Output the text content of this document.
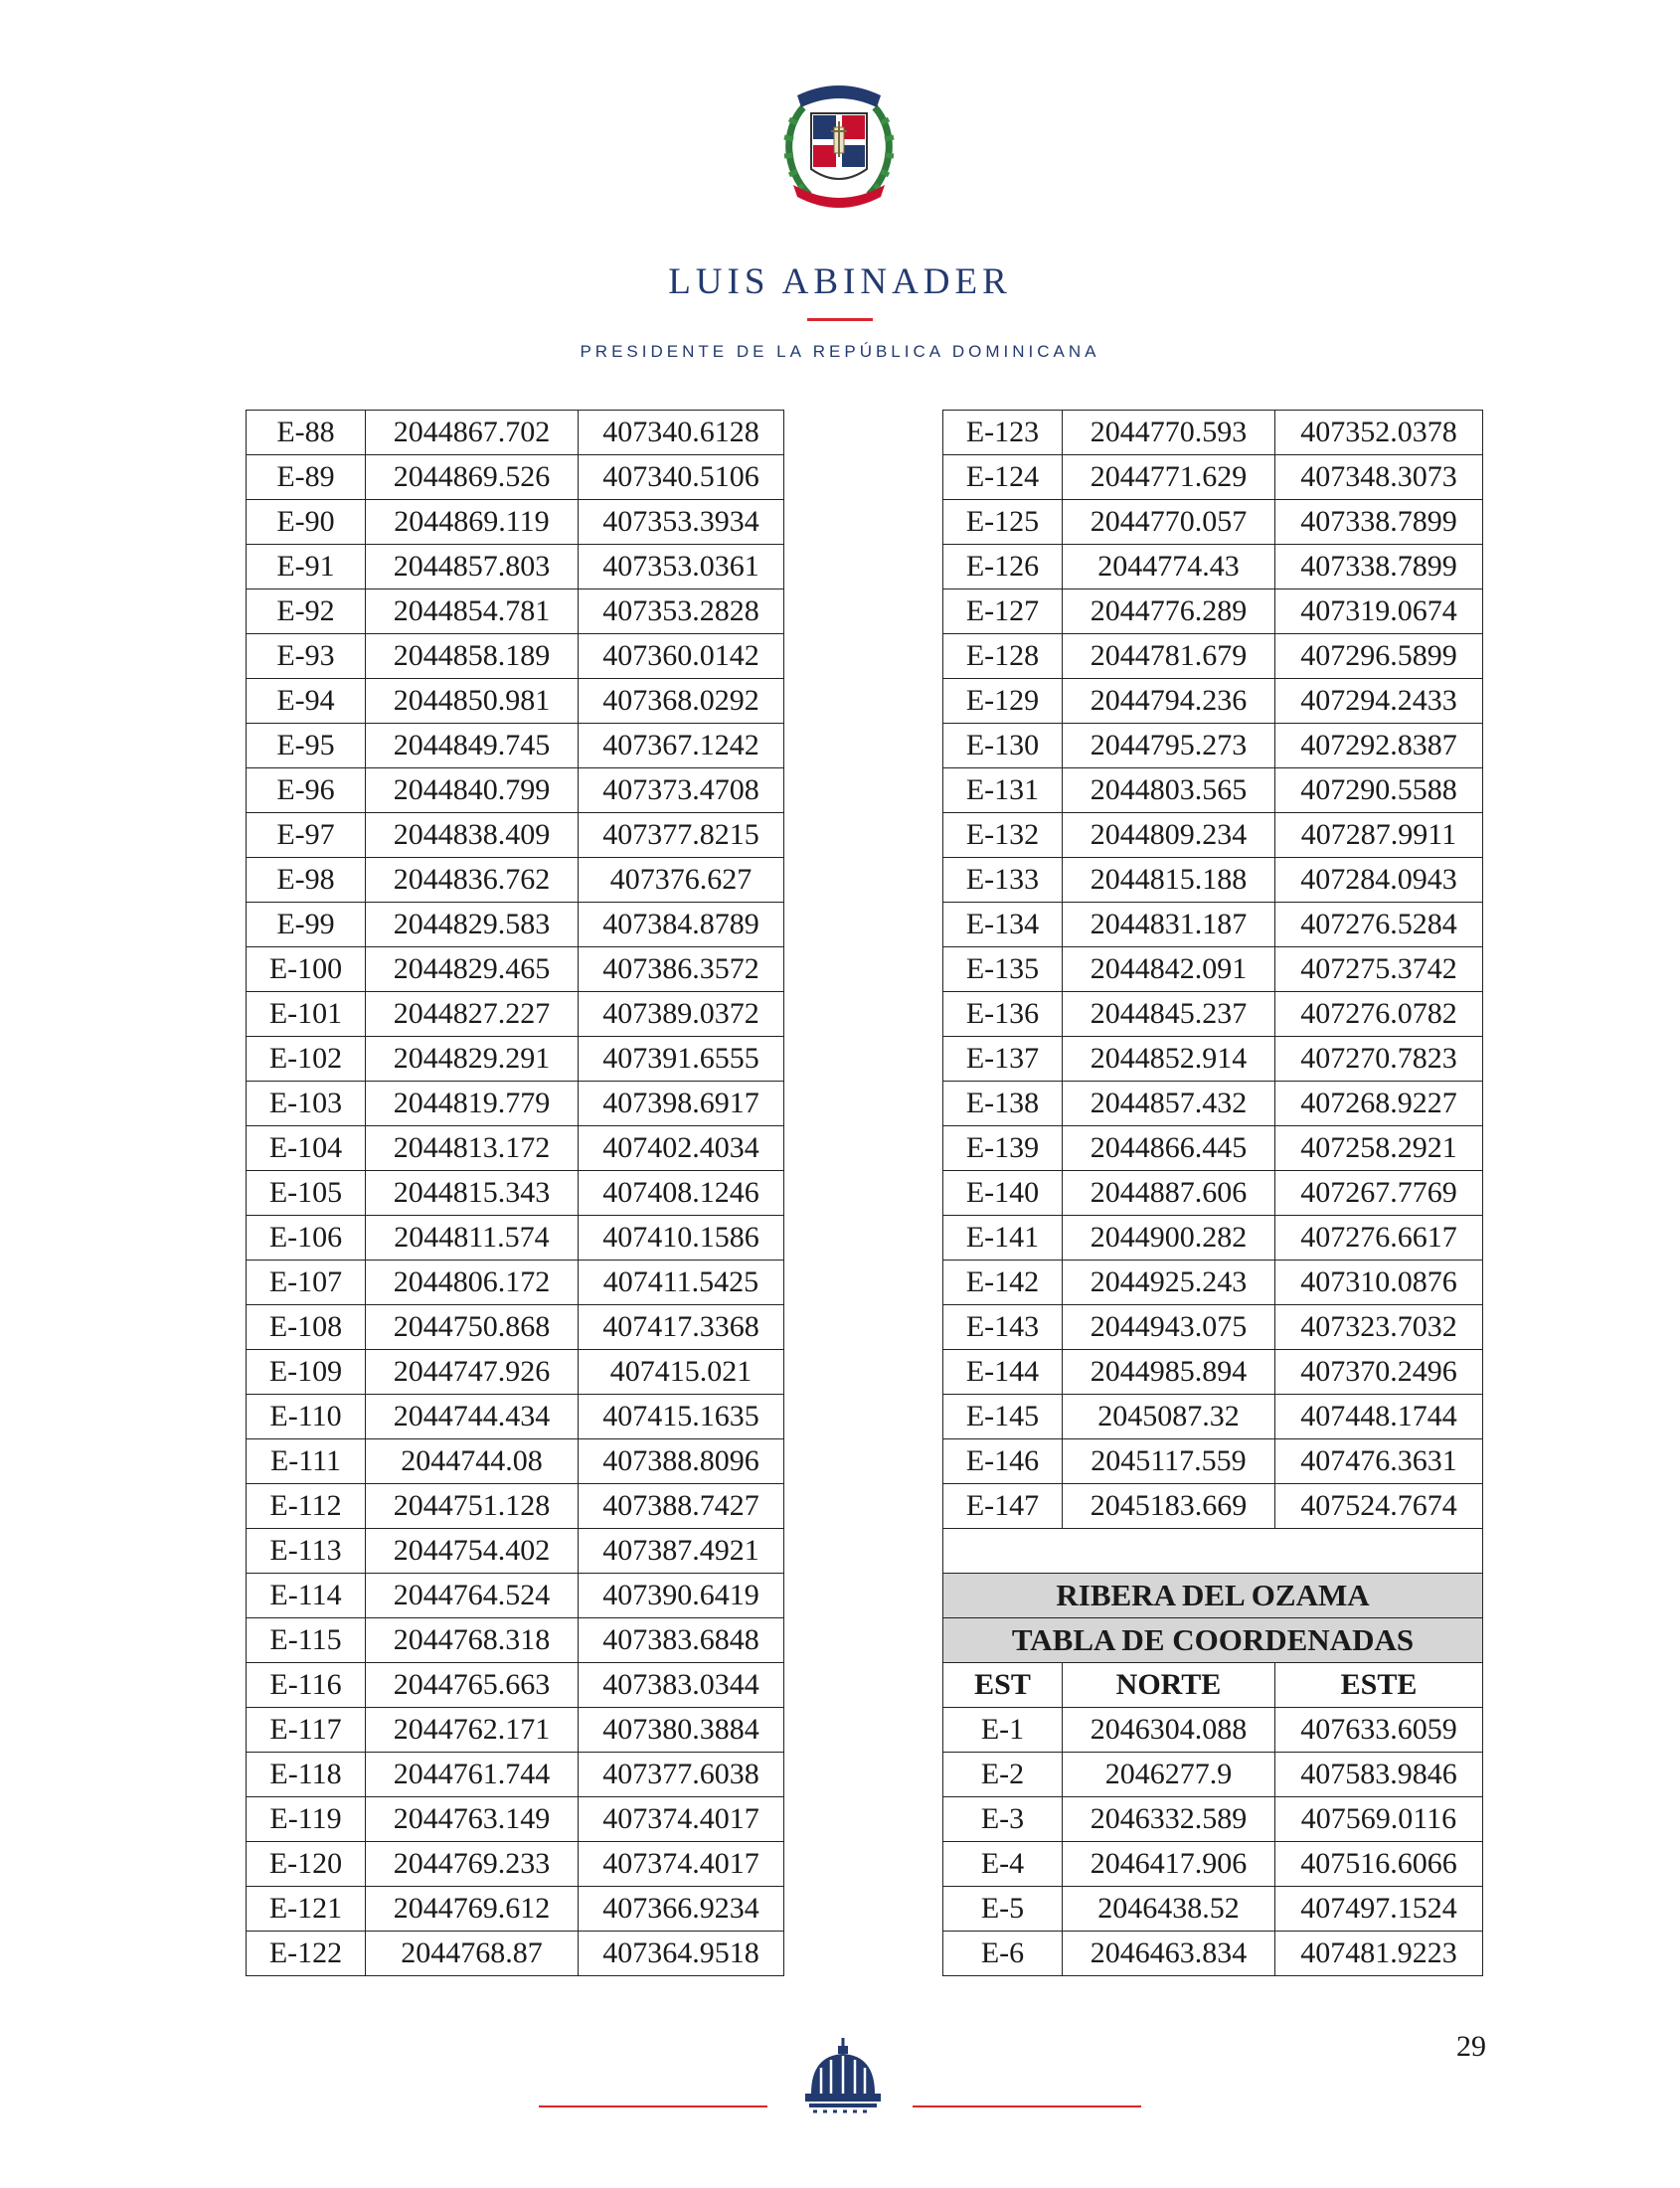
LUIS ABINADER
PRESIDENTE DE LA REPÚBLICA DOMINICANA
E-88	2044867.702	407340.6128
E-89	2044869.526	407340.5106
E-90	2044869.119	407353.3934
E-91	2044857.803	407353.0361
E-92	2044854.781	407353.2828
E-93	2044858.189	407360.0142
E-94	2044850.981	407368.0292
E-95	2044849.745	407367.1242
E-96	2044840.799	407373.4708
E-97	2044838.409	407377.8215
E-98	2044836.762	407376.627
E-99	2044829.583	407384.8789
E-100	2044829.465	407386.3572
E-101	2044827.227	407389.0372
E-102	2044829.291	407391.6555
E-103	2044819.779	407398.6917
E-104	2044813.172	407402.4034
E-105	2044815.343	407408.1246
E-106	2044811.574	407410.1586
E-107	2044806.172	407411.5425
E-108	2044750.868	407417.3368
E-109	2044747.926	407415.021
E-110	2044744.434	407415.1635
E-111	2044744.08	407388.8096
E-112	2044751.128	407388.7427
E-113	2044754.402	407387.4921
E-114	2044764.524	407390.6419
E-115	2044768.318	407383.6848
E-116	2044765.663	407383.0344
E-117	2044762.171	407380.3884
E-118	2044761.744	407377.6038
E-119	2044763.149	407374.4017
E-120	2044769.233	407374.4017
E-121	2044769.612	407366.9234
E-122	2044768.87	407364.9518
E-123	2044770.593	407352.0378
E-124	2044771.629	407348.3073
E-125	2044770.057	407338.7899
E-126	2044774.43	407338.7899
E-127	2044776.289	407319.0674
E-128	2044781.679	407296.5899
E-129	2044794.236	407294.2433
E-130	2044795.273	407292.8387
E-131	2044803.565	407290.5588
E-132	2044809.234	407287.9911
E-133	2044815.188	407284.0943
E-134	2044831.187	407276.5284
E-135	2044842.091	407275.3742
E-136	2044845.237	407276.0782
E-137	2044852.914	407270.7823
E-138	2044857.432	407268.9227
E-139	2044866.445	407258.2921
E-140	2044887.606	407267.7769
E-141	2044900.282	407276.6617
E-142	2044925.243	407310.0876
E-143	2044943.075	407323.7032
E-144	2044985.894	407370.2496
E-145	2045087.32	407448.1744
E-146	2045117.559	407476.3631
E-147	2045183.669	407524.7674

RIBERA DEL OZAMA		
TABLA DE COORDENADAS		
EST	NORTE	ESTE
E-1	2046304.088	407633.6059
E-2	2046277.9	407583.9846
E-3	2046332.589	407569.0116
E-4	2046417.906	407516.6066
E-5	2046438.52	407497.1524
E-6	2046463.834	407481.9223
29
